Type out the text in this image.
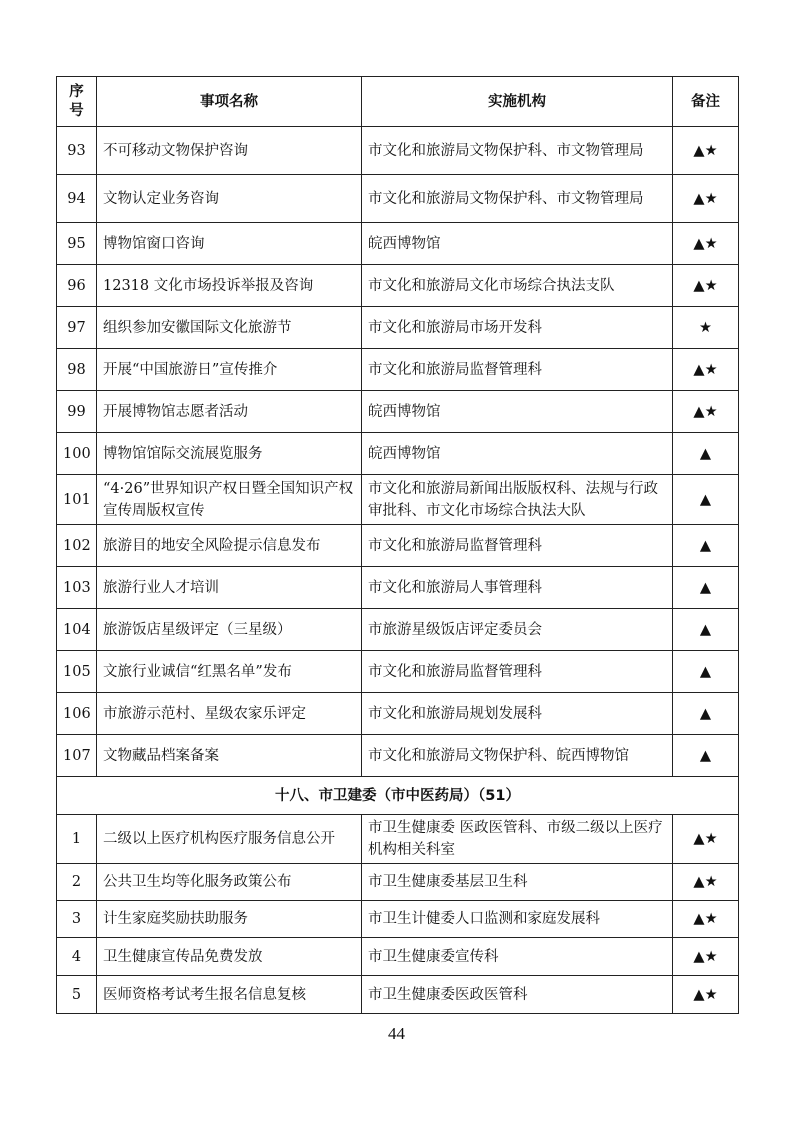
序号	事项名称	实施机构	备注
93	不可移动文物保护咨询	市文化和旅游局文物保护科、市文物管理局	▲★
94	文物认定业务咨询	市文化和旅游局文物保护科、市文物管理局	▲★
95	博物馆窗口咨询	皖西博物馆	▲★
96	12318 文化市场投诉举报及咨询	市文化和旅游局文化市场综合执法支队	▲★
97	组织参加安徽国际文化旅游节	市文化和旅游局市场开发科	★
98	开展“中国旅游日”宣传推介	市文化和旅游局监督管理科	▲★
99	开展博物馆志愿者活动	皖西博物馆	▲★
100	博物馆馆际交流展览服务	皖西博物馆	▲
101	“4·26”世界知识产权日暨全国知识产权宣传周版权宣传	市文化和旅游局新闻出版版权科、法规与行政审批科、市文化市场综合执法大队	▲
102	旅游目的地安全风险提示信息发布	市文化和旅游局监督管理科	▲
103	旅游行业人才培训	市文化和旅游局人事管理科	▲
104	旅游饭店星级评定（三星级）	市旅游星级饭店评定委员会	▲
105	文旅行业诚信“红黑名单”发布	市文化和旅游局监督管理科	▲
106	市旅游示范村、星级农家乐评定	市文化和旅游局规划发展科	▲
107	文物藏品档案备案	市文化和旅游局文物保护科、皖西博物馆	▲
十八、市卫建委（市中医药局）（51）			
1	二级以上医疗机构医疗服务信息公开	市卫生健康委 医政医管科、市级二级以上医疗机构相关科室	▲★
2	公共卫生均等化服务政策公布	市卫生健康委基层卫生科	▲★
3	计生家庭奖励扶助服务	市卫生计健委人口监测和家庭发展科	▲★
4	卫生健康宣传品免费发放	市卫生健康委宣传科	▲★
5	医师资格考试考生报名信息复核	市卫生健康委医政医管科	▲★
44
